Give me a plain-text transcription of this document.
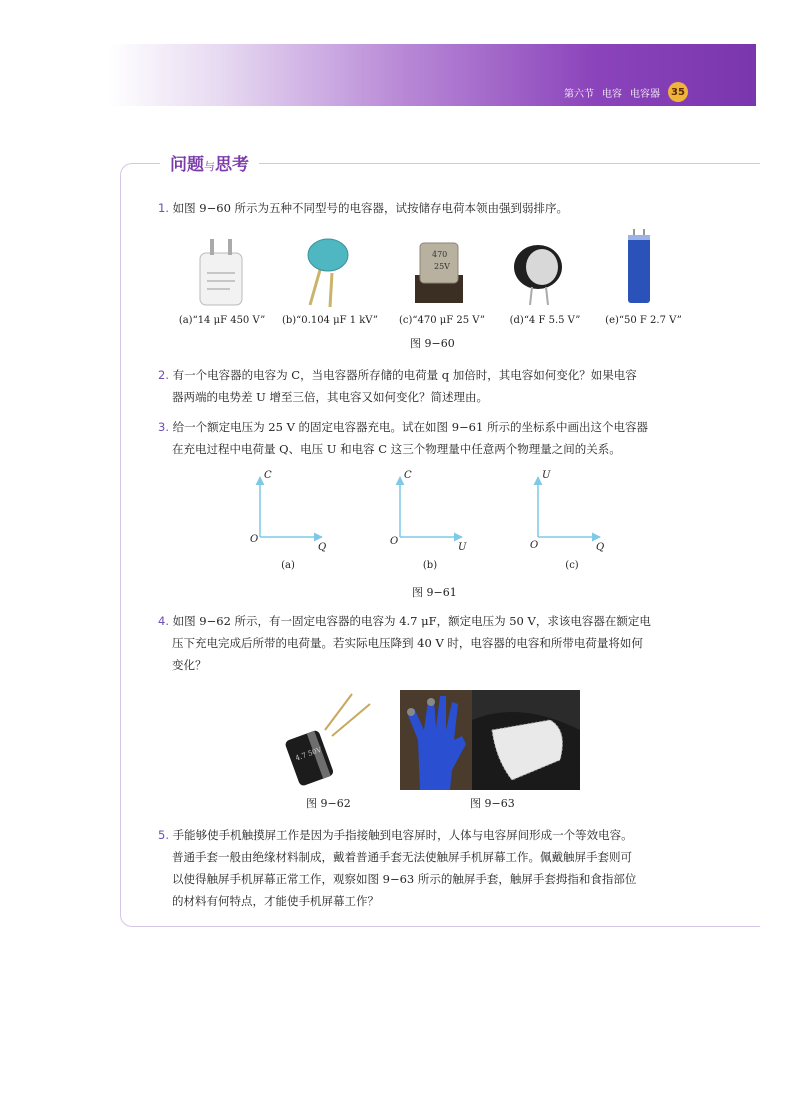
第六节 电容 电容器	35
问题与思考
1. 如图 9−60 所示为五种不同型号的电容器，试按储存电荷本领由强到弱排序。
470
25V
(a)“14 μF 450 V”	(b)“0.104 μF 1 kV”	(c)“470 μF 25 V”	(d)“4 F 5.5 V”	(e)“50 F 2.7 V”
图 9−60
2. 有一个电容器的电容为 C，当电容器所存储的电荷量 q 加倍时，其电容如何变化？如果电容
器两端的电势差 U 增至三倍，其电容又如何变化？简述理由。
3. 给一个额定电压为 25 V 的固定电容器充电。试在如图 9−61 所示的坐标系中画出这个电容器
在充电过程中电荷量 Q、电压 U 和电容 C 这三个物理量中任意两个物理量之间的关系。
C
Q
O
(a)
C
U
O
(b)
U
Q
O
(c)
图 9−61
4. 如图 9−62 所示，有一固定电容器的电容为 4.7 μF，额定电压为 50 V，求该电容器在额定电
压下充电完成后所带的电荷量。若实际电压降到 40 V 时，电容器的电容和所带电荷量将如何
变化？
4.7 50V
图 9−62	图 9−63
5. 手能够使手机触摸屏工作是因为手指接触到电容屏时，人体与电容屏间形成一个等效电容。
普通手套一般由绝缘材料制成，戴着普通手套无法使触屏手机屏幕工作。佩戴触屏手套则可
以使得触屏手机屏幕正常工作，观察如图 9−63 所示的触屏手套，触屏手套拇指和食指部位
的材料有何特点，才能使手机屏幕工作？
